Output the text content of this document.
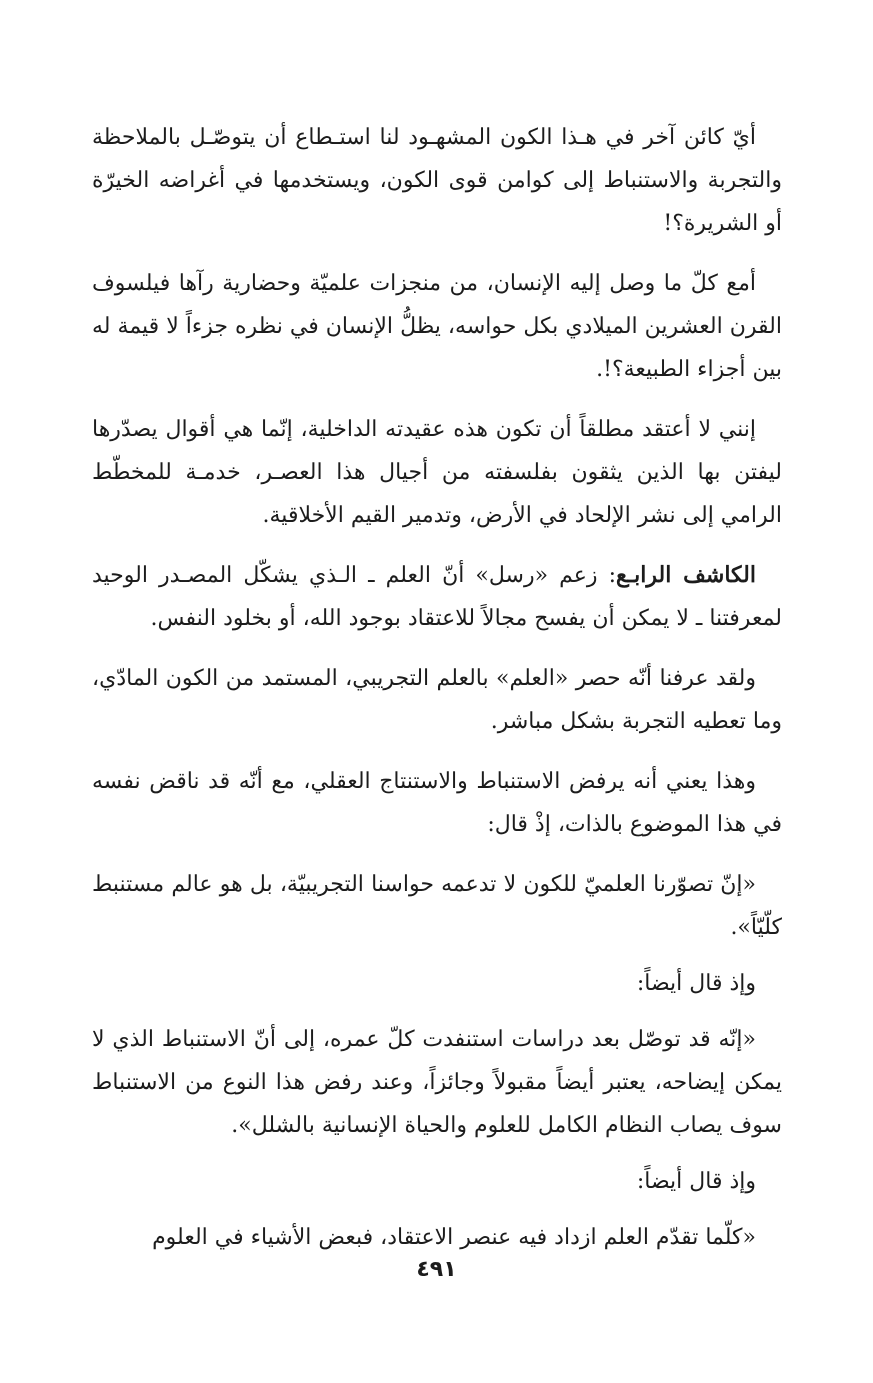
أيّ كائن آخر في هـذا الكون المشهـود لنا استـطاع أن يتوصّـل بالملاحظة والتجربة والاستنباط إلى كوامن قوى الكون، ويستخدمها في أغراضه الخيرّة أو الشريرة؟!

أمع كلّ ما وصل إليه الإنسان، من منجزات علميّة وحضارية رآها فيلسوف القرن العشرين الميلادي بكل حواسه، يظلُّ الإنسان في نظره جزءاً لا قيمة له بين أجزاء الطبيعة؟!.

إنني لا أعتقد مطلقاً أن تكون هذه عقيدته الداخلية، إنّما هي أقوال يصدّرها ليفتن بها الذين يثقون بفلسفته من أجيال هذا العصـر، خدمـة للمخطّط الرامي إلى نشر الإلحاد في الأرض، وتدمير القيم الأخلاقية.

الكاشف الرابـع: زعم «رسل» أنّ العلم ـ الـذي يشكّل المصـدر الوحيد لمعرفتنا ـ لا يمكن أن يفسح مجالاً للاعتقاد بوجود الله، أو بخلود النفس.

ولقد عرفنا أنّه حصر «العلم» بالعلم التجريبي، المستمد من الكون المادّي، وما تعطيه التجربة بشكل مباشر.

وهذا يعني أنه يرفض الاستنباط والاستنتاج العقلي، مع أنّه قد ناقض نفسه في هذا الموضوع بالذات، إذْ قال:

«إنّ تصوّرنا العلميّ للكون لا تدعمه حواسنا التجريبيّة، بل هو عالم مستنبط كلّيّاً».

وإذ قال أيضاً:

«إنّه قد توصّل بعد دراسات استنفدت كلّ عمره، إلى أنّ الاستنباط الذي لا يمكن إيضاحه، يعتبر أيضاً مقبولاً وجائزاً، وعند رفض هذا النوع من الاستنباط سوف يصاب النظام الكامل للعلوم والحياة الإنسانية بالشلل».

وإذ قال أيضاً:

«كلّما تقدّم العلم ازداد فيه عنصر الاعتقاد، فبعض الأشياء في العلوم

٤٩١
